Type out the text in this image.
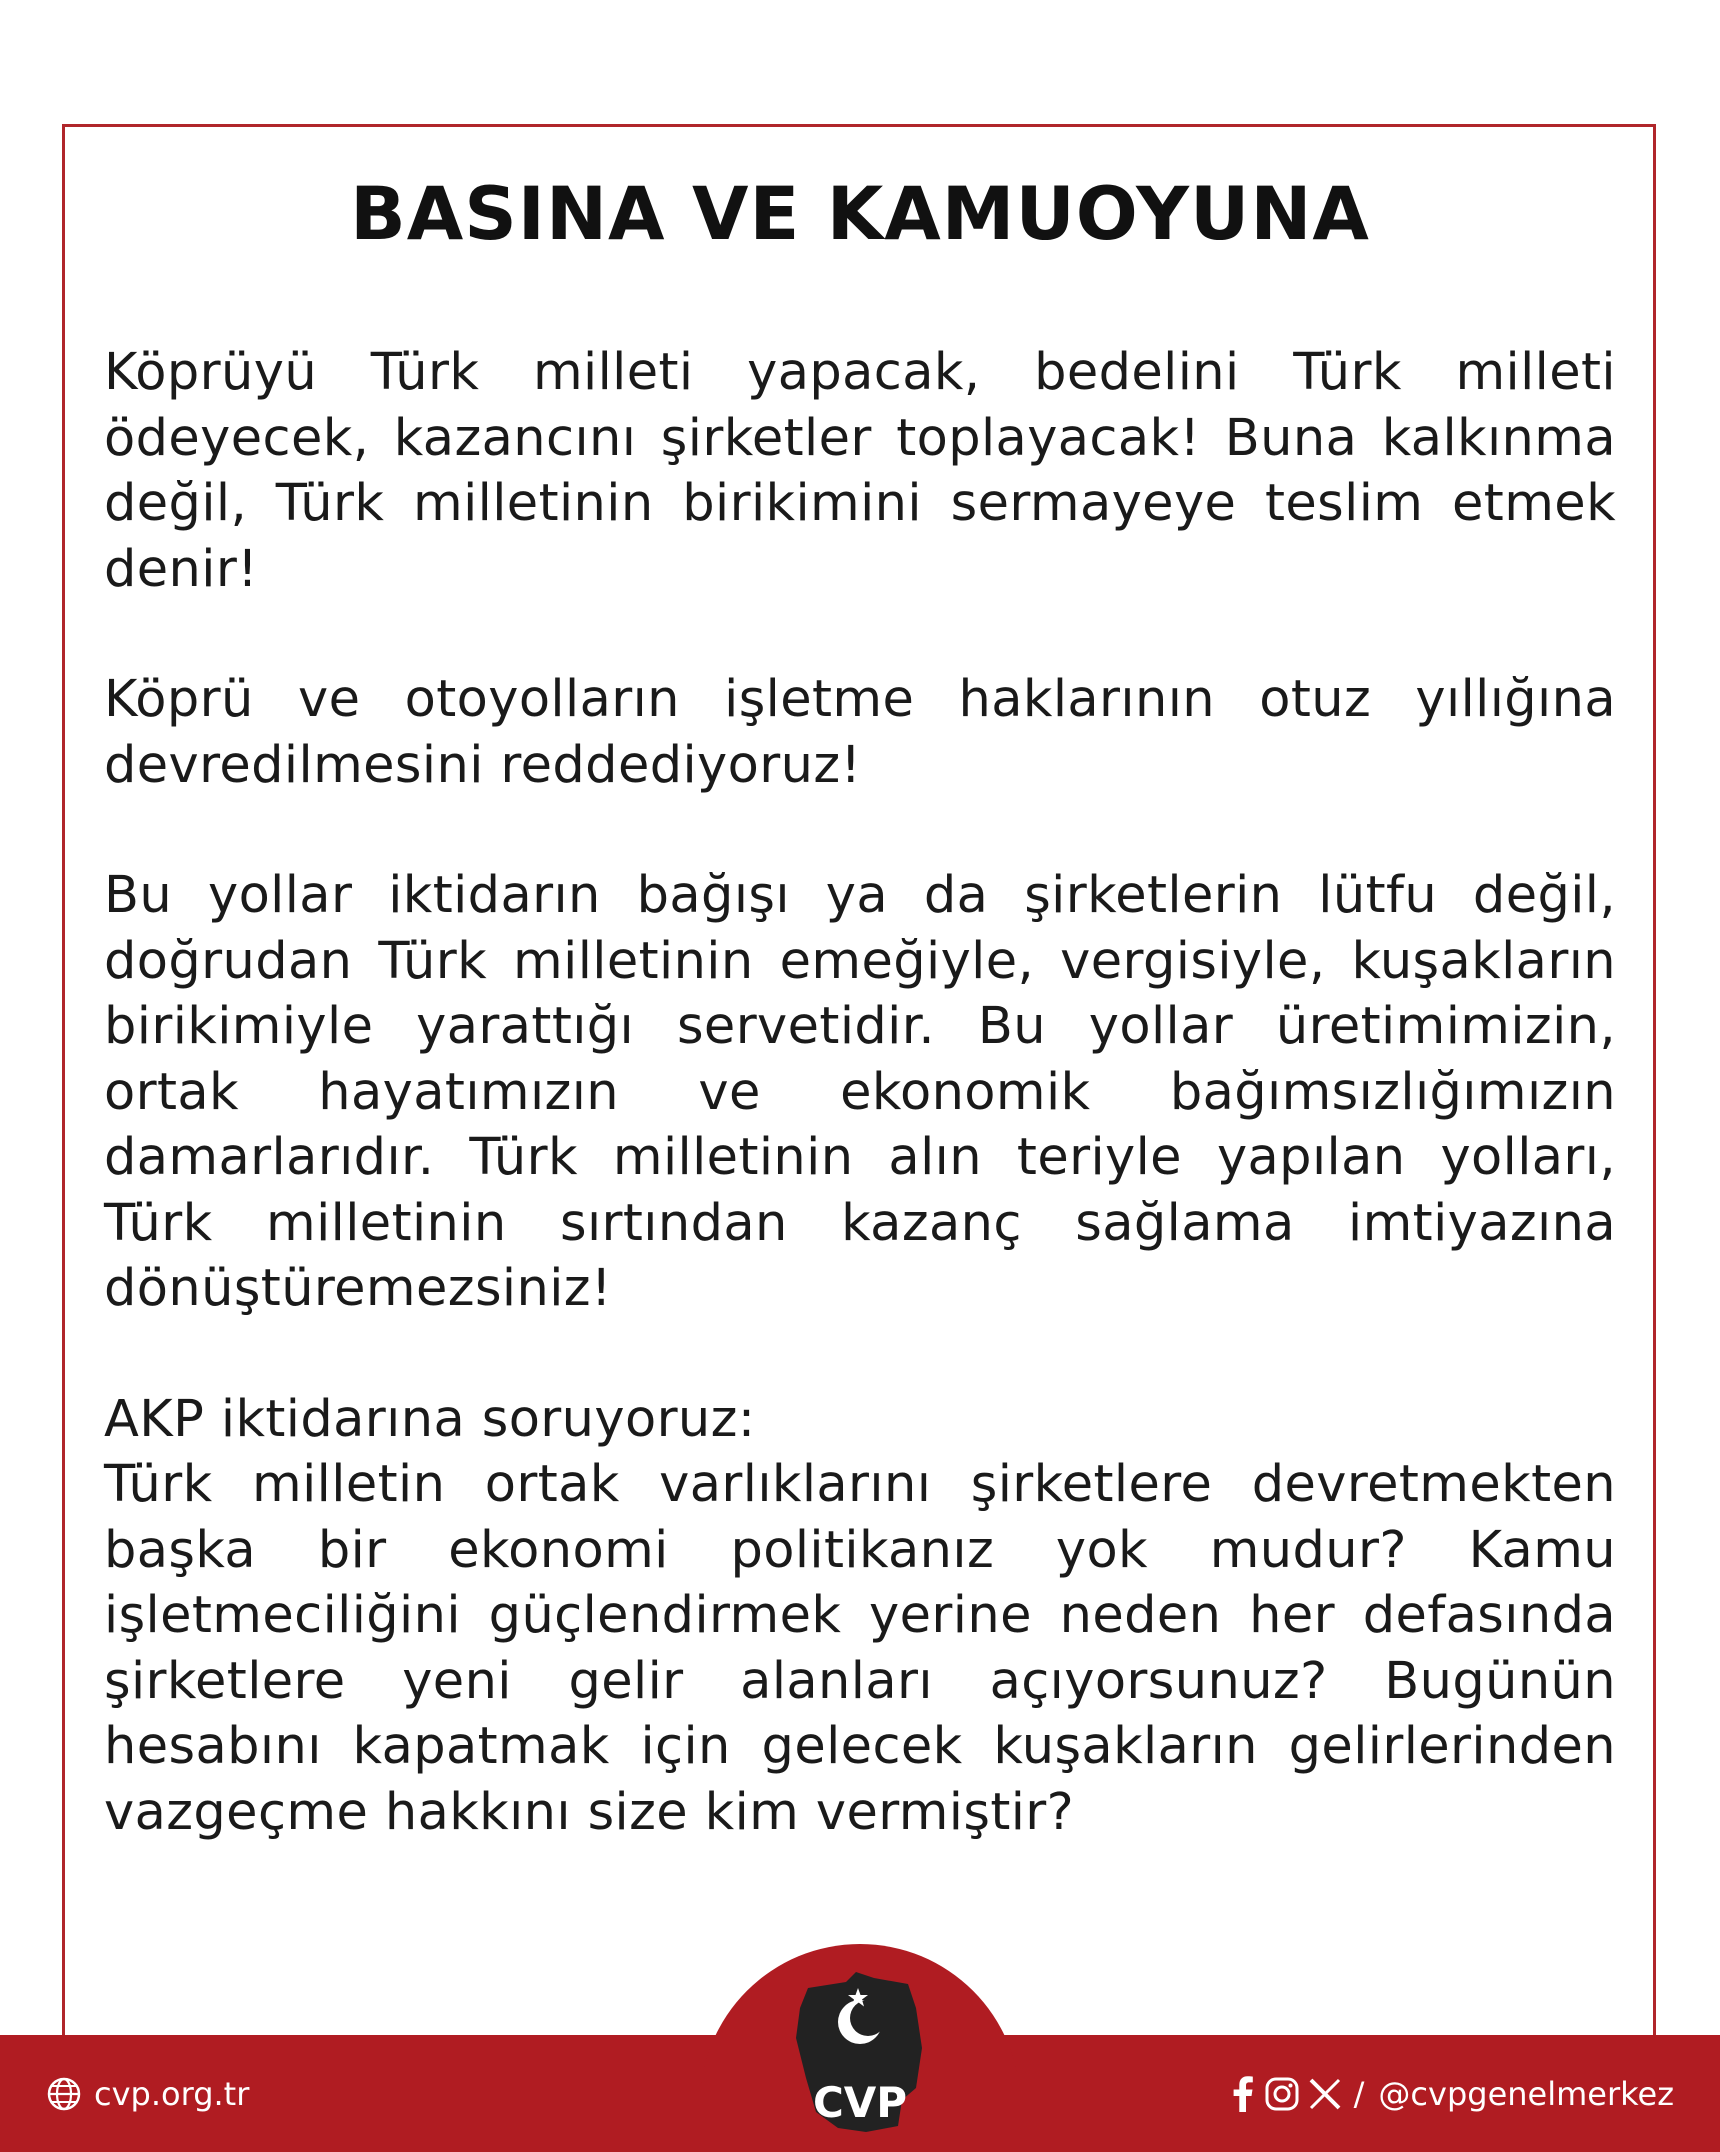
BASINA VE KAMUOYUNA

Köprüyü Türk milleti yapacak, bedelini Türk milleti ödeyecek, kazancını şirketler toplayacak! Buna kalkınma değil, Türk milletinin birikimini sermayeye teslim etmek denir!

Köprü ve otoyolların işletme haklarının otuz yıllığına devredilmesini reddediyoruz!

Bu yollar iktidarın bağışı ya da şirketlerin lütfu değil, doğrudan Türk milletinin emeğiyle, vergisiyle, kuşakların birikimiyle yarattığı servetidir. Bu yollar üretimimizin, ortak hayatımızın ve ekonomik bağımsızlığımızın damarlarıdır. Türk milletinin alın teriyle yapılan yolları, Türk milletinin sırtından kazanç sağlama imtiyazına dönüştüremezsiniz!

AKP iktidarına soruyoruz:

Türk milletin ortak varlıklarını şirketlere devretmekten başka bir ekonomi politikanız yok mudur? Kamu işletmeciliğini güçlendirmek yerine neden her defasında şirketlere yeni gelir alanları açıyorsunuz? Bugünün hesabını kapatmak için gelecek kuşakların gelirlerinden vazgeçme hakkını size kim vermiştir?

cvp.org.tr	CVP	/ @cvpgenelmerkez
